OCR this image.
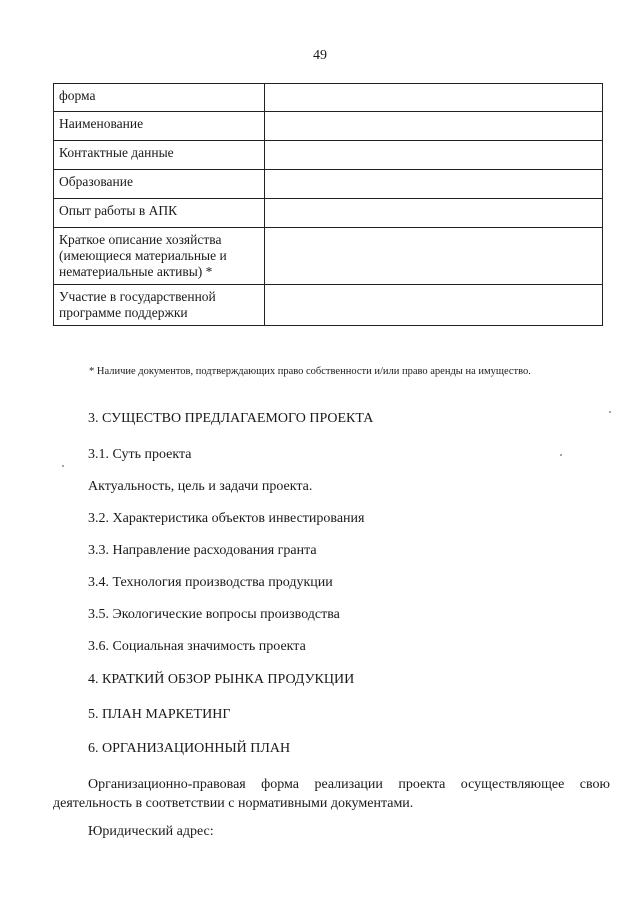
49
форма	
Наименование	
Контактные данные	
Образование	
Опыт работы в АПК	
Краткое описание хозяйства (имеющиеся материальные и нематериальные активы) *	
Участие в государственной программе поддержки	
* Наличие документов, подтверждающих право собственности и/или право аренды на имущество.
3. СУЩЕСТВО ПРЕДЛАГАЕМОГО ПРОЕКТА
3.1. Суть проекта
Актуальность, цель и задачи проекта.
3.2. Характеристика объектов инвестирования
3.3. Направление расходования гранта
3.4. Технология производства продукции
3.5. Экологические вопросы производства
3.6. Социальная значимость проекта
4. КРАТКИЙ ОБЗОР РЫНКА ПРОДУКЦИИ
5. ПЛАН МАРКЕТИНГ
6. ОРГАНИЗАЦИОННЫЙ ПЛАН
Организационно-правовая форма реализации проекта осуществляющее свою деятельность в соответствии с нормативными документами.
Юридический адрес:
